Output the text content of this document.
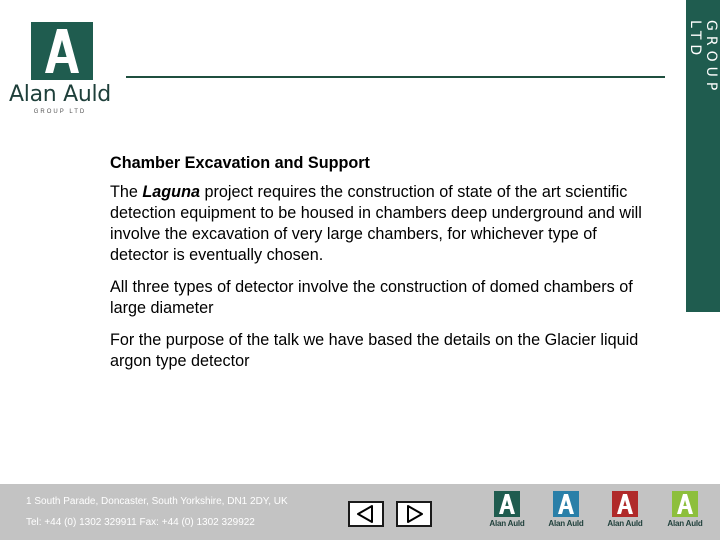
Alan Auld
GROUP LTD
GROUP LTD
Chamber Excavation and Support

The Laguna project requires the construction of state of the art scientific detection equipment to be housed in chambers deep underground and will involve the excavation of very large chambers, for whichever type of detector is eventually chosen.

All three types of detector involve the construction of domed chambers of large diameter

For the purpose of the talk we have based the details on the Glacier liquid argon type detector

1 South Parade, Doncaster, South Yorkshire, DN1 2DY, UK
Tel: +44 (0) 1302 329911 Fax: +44 (0) 1302 329922	Alan Auld	Alan Auld	Alan Auld	Alan Auld
